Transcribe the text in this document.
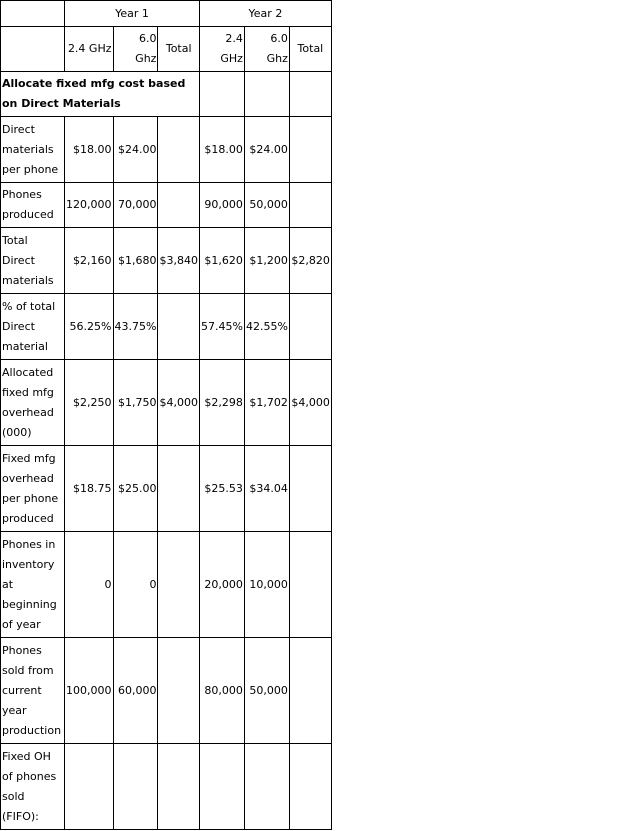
	Year 1			Year 2		
	2.4 GHz	6.0 Ghz	Total	2.4 GHz	6.0 Ghz	Total
Allocate fixed mfg cost based on Direct Materials						
Direct materials per phone	$18.00	$24.00		$18.00	$24.00	
Phones produced	120,000	70,000		90,000	50,000	
Total Direct materials	$2,160	$1,680	$3,840	$1,620	$1,200	$2,820
% of total Direct material	56.25%	43.75%		57.45%	42.55%	
Allocated fixed mfg overhead (000)	$2,250	$1,750	$4,000	$2,298	$1,702	$4,000
Fixed mfg overhead per phone produced	$18.75	$25.00		$25.53	$34.04	
Phones in inventory at beginning of year	0	0		20,000	10,000	
Phones sold from current year production	100,000	60,000		80,000	50,000	
Fixed OH of phones sold (FIFO):						
